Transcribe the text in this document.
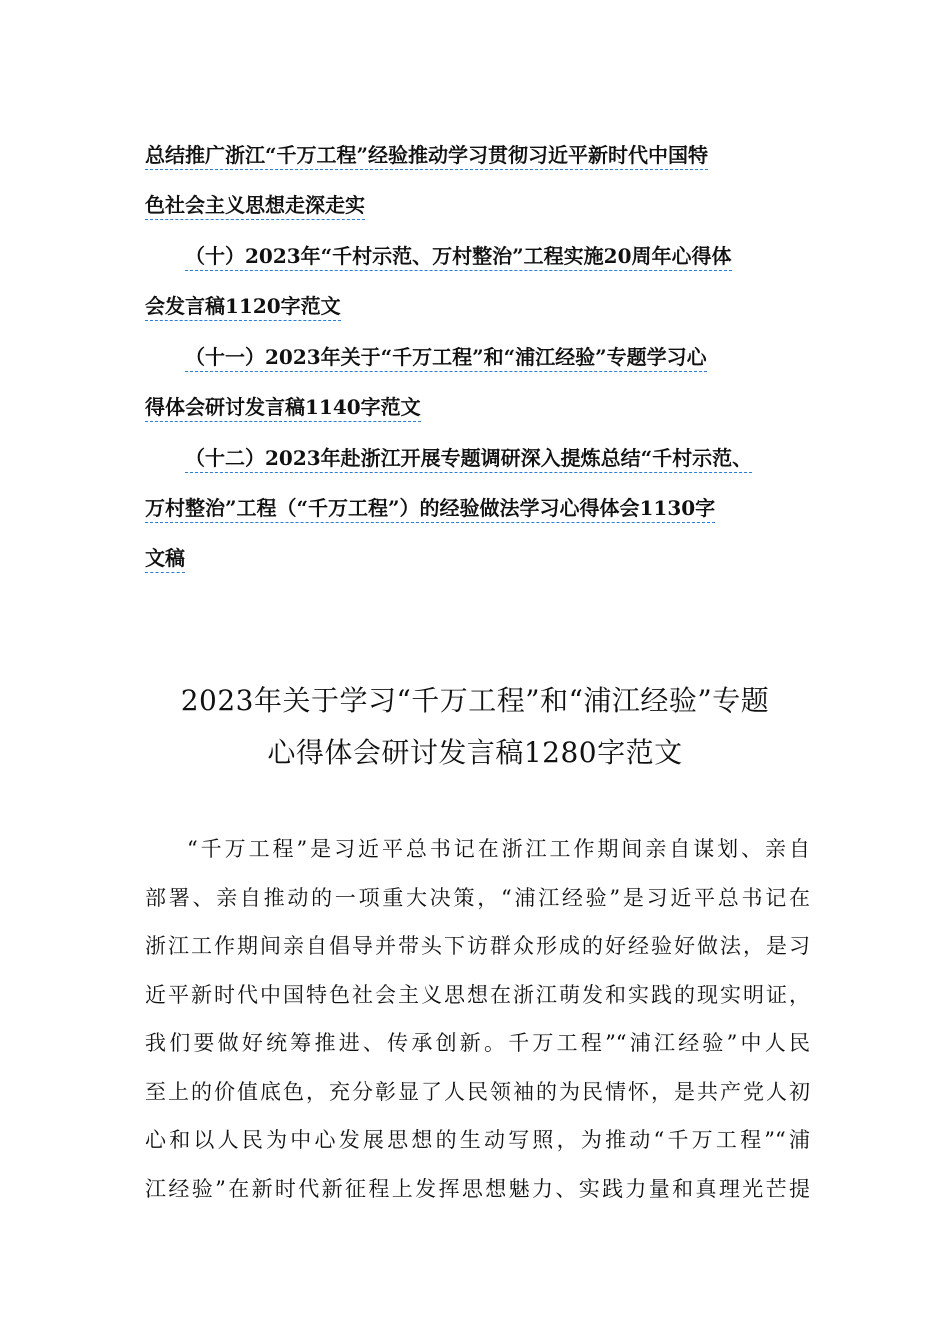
总结推广浙江“千万工程”经验推动学习贯彻习近平新时代中国特
色社会主义思想走深走实
（十）2023年“千村示范、万村整治”工程实施20周年心得体
会发言稿1120字范文
（十一）2023年关于“千万工程”和“浦江经验”专题学习心
得体会研讨发言稿1140字范文
（十二）2023年赴浙江开展专题调研深入提炼总结“千村示范、
万村整治”工程（“千万工程”）的经验做法学习心得体会1130字
文稿
2023年关于学习“千万工程”和“浦江经验”专题
心得体会研讨发言稿1280字范文
“千万工程”是习近平总书记在浙江工作期间亲自谋划、亲自
部署、亲自推动的一项重大决策，“浦江经验”是习近平总书记在
浙江工作期间亲自倡导并带头下访群众形成的好经验好做法，是习
近平新时代中国特色社会主义思想在浙江萌发和实践的现实明证，
我们要做好统筹推进、传承创新。千万工程”“浦江经验”中人民
至上的价值底色，充分彰显了人民领袖的为民情怀，是共产党人初
心和以人民为中心发展思想的生动写照，为推动“千万工程”“浦
江经验”在新时代新征程上发挥思想魅力、实践力量和真理光芒提
